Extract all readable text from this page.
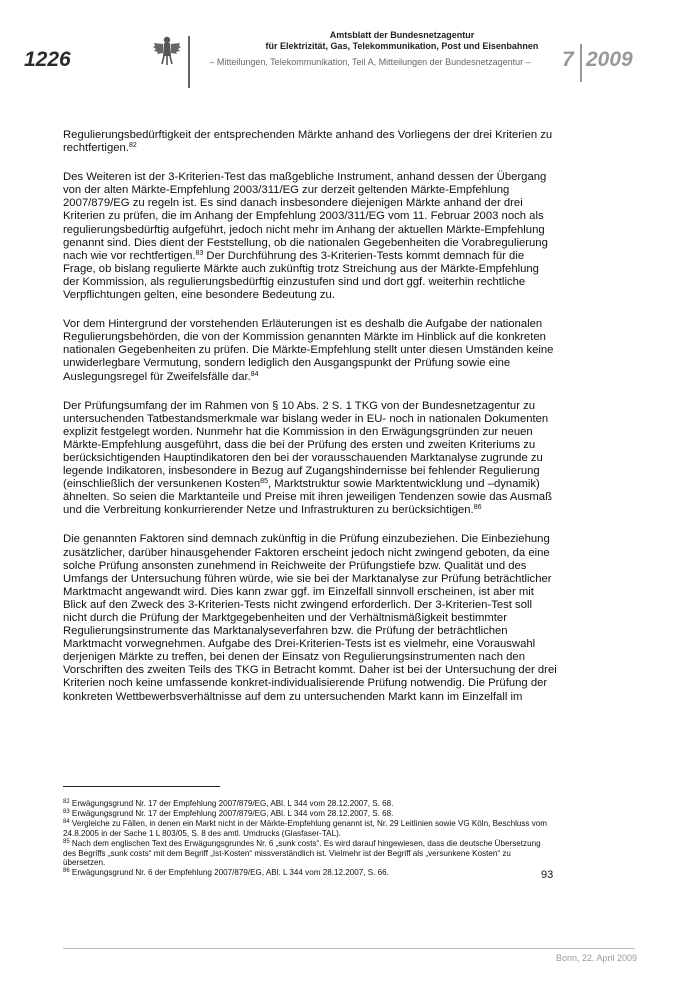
1226
Amtsblatt der Bundesnetzagentur
für Elektrizität, Gas, Telekommunikation, Post und Eisenbahnen
– Mitteilungen, Telekommunikation, Teil A, Mitteilungen der Bundesnetzagentur –	7 2009

Regulierungsbedürftigkeit der entsprechenden Märkte anhand des Vorliegens der drei Kriterien zu rechtfertigen.$^{82}$

Des Weiteren ist der 3-Kriterien-Test das maßgebliche Instrument, anhand dessen der Übergang von der alten Märkte-Empfehlung 2003/311/EG zur derzeit geltenden Märkte-Empfehlung 2007/879/EG zu regeln ist. Es sind danach insbesondere diejenigen Märkte anhand der drei Kriterien zu prüfen, die im Anhang der Empfehlung 2003/311/EG vom 11. Februar 2003 noch als regulierungsbedürftig aufgeführt, jedoch nicht mehr im Anhang der aktuellen Märkte-Empfehlung genannt sind. Dies dient der Feststellung, ob die nationalen Gegebenheiten die Vorabregulierung nach wie vor rechtfertigen.$^{83}$ Der Durchführung des 3-Kriterien-Tests kommt demnach für die Frage, ob bislang regulierte Märkte auch zukünftig trotz Streichung aus der Märkte-Empfehlung der Kommission, als regulierungsbedürftig einzustufen sind und dort ggf. weiterhin rechtliche Verpflichtungen gelten, eine besondere Bedeutung zu.

Vor dem Hintergrund der vorstehenden Erläuterungen ist es deshalb die Aufgabe der nationalen Regulierungsbehörden, die von der Kommission genannten Märkte im Hinblick auf die konkreten nationalen Gegebenheiten zu prüfen. Die Märkte-Empfehlung stellt unter diesen Umständen keine unwiderlegbare Vermutung, sondern lediglich den Ausgangspunkt der Prüfung sowie eine Auslegungsregel für Zweifelsfälle dar.$^{84}$

Der Prüfungsumfang der im Rahmen von § 10 Abs. 2 S. 1 TKG von der Bundesnetzagentur zu untersuchenden Tatbestandsmerkmale war bislang weder in EU- noch in nationalen Dokumenten explizit festgelegt worden. Nunmehr hat die Kommission in den Erwägungsgründen zur neuen Märkte-Empfehlung ausgeführt, dass die bei der Prüfung des ersten und zweiten Kriteriums zu berücksichtigenden Hauptindikatoren den bei der vorausschauenden Marktanalyse zugrunde zu legende Indikatoren, insbesondere in Bezug auf Zugangshindernisse bei fehlender Regulierung (einschließlich der versunkenen Kosten$^{85}$, Marktstruktur sowie Marktentwicklung und –dynamik) ähnelten. So seien die Marktanteile und Preise mit ihren jeweiligen Tendenzen sowie das Ausmaß und die Verbreitung konkurrierender Netze und Infrastrukturen zu berücksichtigen.$^{86}$

Die genannten Faktoren sind demnach zukünftig in die Prüfung einzubeziehen. Die Einbeziehung zusätzlicher, darüber hinausgehender Faktoren erscheint jedoch nicht zwingend geboten, da eine solche Prüfung ansonsten zunehmend in Reichweite der Prüfungstiefe bzw. Qualität und des Umfangs der Untersuchung führen würde, wie sie bei der Marktanalyse zur Prüfung beträchtlicher Marktmacht angewandt wird. Dies kann zwar ggf. im Einzelfall sinnvoll erscheinen, ist aber mit Blick auf den Zweck des 3-Kriterien-Tests nicht zwingend erforderlich. Der 3-Kriterien-Test soll nicht durch die Prüfung der Marktgegebenheiten und der Verhältnismäßigkeit bestimmter Regulierungsinstrumente das Marktanalyseverfahren bzw. die Prüfung der beträchtlichen Marktmacht vorwegnehmen. Aufgabe des Drei-Kriterien-Tests ist es vielmehr, eine Vorauswahl derjenigen Märkte zu treffen, bei denen der Einsatz von Regulierungsinstrumenten nach den Vorschriften des zweiten Teils des TKG in Betracht kommt. Daher ist bei der Untersuchung der drei Kriterien noch keine umfassende konkret-individualisierende Prüfung notwendig. Die Prüfung der konkreten Wettbewerbsverhältnisse auf dem zu untersuchenden Markt kann im Einzelfall im

$^{82}$ Erwägungsgrund Nr. 17 der Empfehlung 2007/879/EG, ABl. L 344 vom 28.12.2007, S. 68.
$^{83}$ Erwägungsgrund Nr. 17 der Empfehlung 2007/879/EG, ABl. L 344 vom 28.12.2007, S. 68.
$^{84}$ Vergleiche zu Fällen, in denen ein Markt nicht in der Märkte-Empfehlung genannt ist, Nr. 29 Leitlinien sowie VG Köln, Beschluss vom 24.8.2005 in der Sache 1 L 803/05, S. 8 des amtl. Umdrucks (Glasfaser-TAL).
$^{85}$ Nach dem englischen Text des Erwägungsgrundes Nr. 6 „sunk costs“. Es wird darauf hingewiesen, dass die deutsche Übersetzung des Begriffs „sunk costs“ mit dem Begriff „Ist-Kosten“ missverständlich ist. Vielmehr ist der Begriff als „versunkene Kosten“ zu übersetzen.
$^{86}$ Erwägungsgrund Nr. 6 der Empfehlung 2007/879/EG, ABl. L 344 vom 28.12.2007, S. 66.	93
Bonn, 22. April 2009
